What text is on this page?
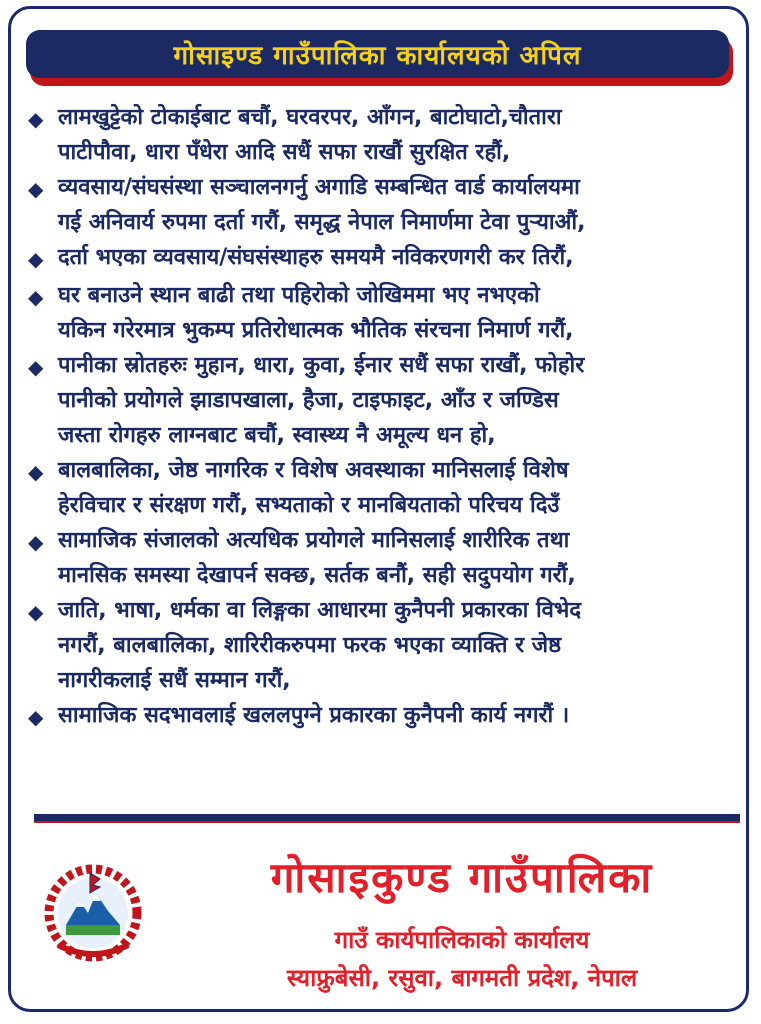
गोसाइण्ड गाउँपालिका कार्यालयको अपिल
◆ लामखुट्टेको टोकाईबाट बचौं, घरवरपर, आँगन, बाटोघाटो,चौतारा
पाटीपौवा, धारा पँधेरा आदि सधैं सफा राखौं सुरक्षित रहौं,
◆ व्यवसाय/संघसंस्था सञ्चालनगर्नु अगाडि सम्बन्धित वार्ड कार्यालयमा
गई अनिवार्य रुपमा दर्ता गरौं, समृद्ध नेपाल निमार्णमा टेवा पुऱ्याऔं,
◆ दर्ता भएका व्यवसाय/संघसंस्थाहरु समयमै नविकरणगरी कर तिरौं,
◆ घर बनाउने स्थान बाढी तथा पहिरोको जोखिममा भए नभएको
यकिन गरेरमात्र भुकम्प प्रतिरोधात्मक भौतिक संरचना निमार्ण गरौं,
◆ पानीका स्रोतहरुः मुहान, धारा, कुवा, ईनार सधैं सफा राखौं, फोहोर
पानीको प्रयोगले झाडापखाला, हैजा, टाइफाइट, आँउ र जण्डिस
जस्ता रोगहरु लाग्नबाट बचौं, स्वास्थ्य नै अमूल्य धन हो,
◆ बालबालिका, जेष्ठ नागरिक र विशेष अवस्थाका मानिसलाई विशेष
हेरविचार र संरक्षण गरौं, सभ्यताको र मानबियताको परिचय दिउँ
◆ सामाजिक संजालको अत्यधिक प्रयोगले मानिसलाई शारीरिक तथा
मानसिक समस्या देखापर्न सक्छ, सर्तक बनौं, सही सदुपयोग गरौं,
◆ जाति, भाषा, धर्मका वा लिङ्गका आधारमा कुनैपनी प्रकारका विभेद
नगरौं, बालबालिका, शारिरीकरुपमा फरक भएका व्याक्ति र जेष्ठ
नागरीकलाई सधैं सम्मान गरौं,
◆ सामाजिक सदभावलाई खललपुग्ने प्रकारका कुनैपनी कार्य नगरौं ।
गोसाइकुण्ड गाउँपालिका
गाउँ कार्यपालिकाको कार्यालय
स्याफ्रुबेसी, रसुवा, बागमती प्रदेश, नेपाल
